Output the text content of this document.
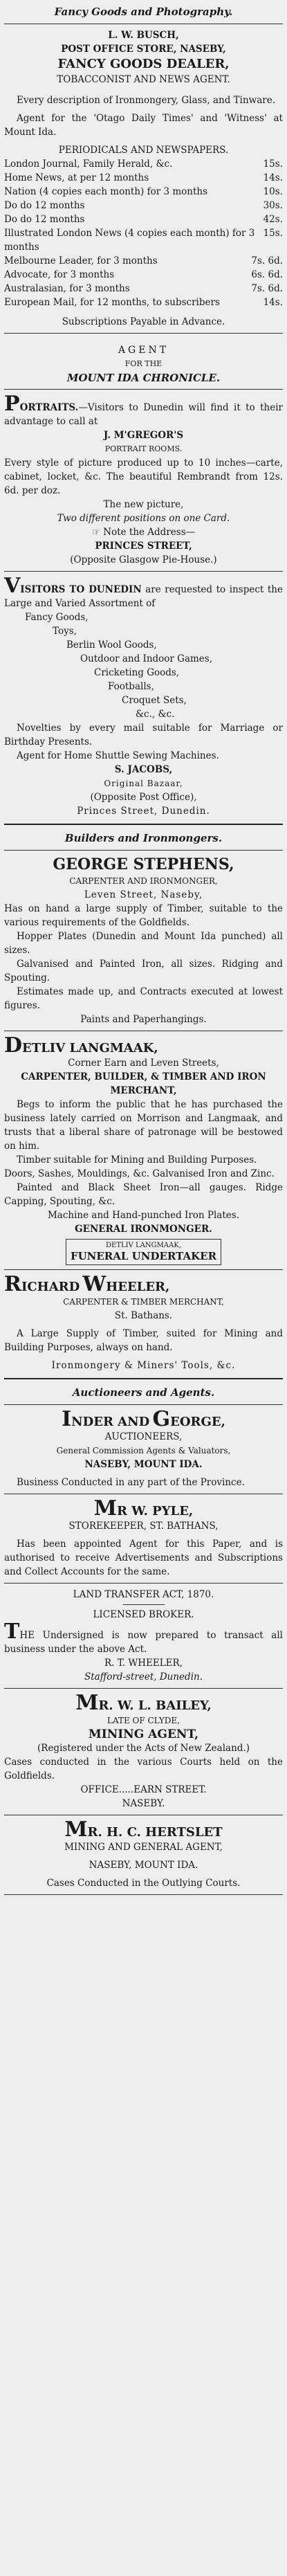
Fancy Goods and Photography.

L. W. BUSCH,

POST OFFICE STORE, NASEBY,

FANCY GOODS DEALER,

TOBACCONIST AND NEWS AGENT.

Every description of Ironmongery, Glass, and Tinware.

Agent for the 'Otago Daily Times' and 'Witness' at Mount Ida.

PERIODICALS AND NEWSPAPERS.

London Journal, Family Herald, &c.	15s.
Home News, at per 12 months	14s.
Nation (4 copies each month) for 3 months	10s.
Do do 12 months	30s.
Do do 12 months	42s.
Illustrated London News (4 copies each month) for 3 months
15s.
Melbourne Leader, for 3 months	7s. 6d.
Advocate, for 3 months	6s. 6d.
Australasian, for 3 months	7s. 6d.
European Mail, for 12 months, to subscribers	14s.

Subscriptions Payable in Advance.

AGENT

FOR THE

MOUNT IDA CHRONICLE.

PORTRAITS.—Visitors to Dunedin will find it to their advantage to call at

J. M'GREGOR'S

PORTRAIT ROOMS.

Every style of picture produced up to 10 inches—carte, cabinet, locket, &c. The beautiful Rembrandt from 12s. 6d. per doz.

The new picture,

Two different positions on one Card.

☞ Note the Address—

PRINCES STREET,

(Opposite Glasgow Pie-House.)

VISITORS TO DUNEDIN are requested to inspect the Large and Varied Assortment of

Fancy Goods,

Toys,

Berlin Wool Goods,

Outdoor and Indoor Games,

Cricketing Goods,

Footballs,

Croquet Sets,

&c., &c.

Novelties by every mail suitable for Marriage or Birthday Presents.

Agent for Home Shuttle Sewing Machines.

S. JACOBS,

Original Bazaar,

(Opposite Post Office),

Princes Street, Dunedin.

Builders and Ironmongers.

GEORGE STEPHENS,

CARPENTER AND IRONMONGER,

Leven Street, Naseby,

Has on hand a large supply of Timber, suitable to the various requirements of the Goldfields.

Hopper Plates (Dunedin and Mount Ida punched) all sizes.

Galvanised and Painted Iron, all sizes. Ridging and Spouting.

Estimates made up, and Contracts executed at lowest figures.

Paints and Paperhangings.

DETLIV LANGMAAK,

Corner Earn and Leven Streets,

CARPENTER, BUILDER, & TIMBER AND IRON MERCHANT,

Begs to inform the public that he has purchased the business lately carried on Morrison and Langmaak, and trusts that a liberal share of patronage will be bestowed on him.

Timber suitable for Mining and Building Purposes.

Doors, Sashes, Mouldings, &c. Galvanised Iron and Zinc.

Painted and Black Sheet Iron—all gauges. Ridge Capping, Spouting, &c.

Machine and Hand-punched Iron Plates.

GENERAL IRONMONGER.

DETLIV LANGMAAK,
FUNERAL UNDERTAKER

RICHARD WHEELER,

CARPENTER & TIMBER MERCHANT,

St. Bathans.

A Large Supply of Timber, suited for Mining and Building Purposes, always on hand.

Ironmongery & Miners' Tools, &c.

Auctioneers and Agents.

INDER AND GEORGE,

AUCTIONEERS,

General Commission Agents & Valuators,

NASEBY, MOUNT IDA.

Business Conducted in any part of the Province.

MR W. PYLE,

STOREKEEPER, ST. BATHANS,

Has been appointed Agent for this Paper, and is authorised to receive Advertisements and Subscriptions and Collect Accounts for the same.

LAND TRANSFER ACT, 1870.

LICENSED BROKER.

THE Undersigned is now prepared to transact all business under the above Act.

R. T. WHEELER,

Stafford-street, Dunedin.

MR. W. L. BAILEY,

LATE OF CLYDE,

MINING AGENT,

(Registered under the Acts of New Zealand.)

Cases conducted in the various Courts held on the Goldfields.

OFFICE.....EARN STREET.

NASEBY.

MR. H. C. HERTSLET

MINING AND GENERAL AGENT,

NASEBY, MOUNT IDA.

Cases Conducted in the Outlying Courts.
